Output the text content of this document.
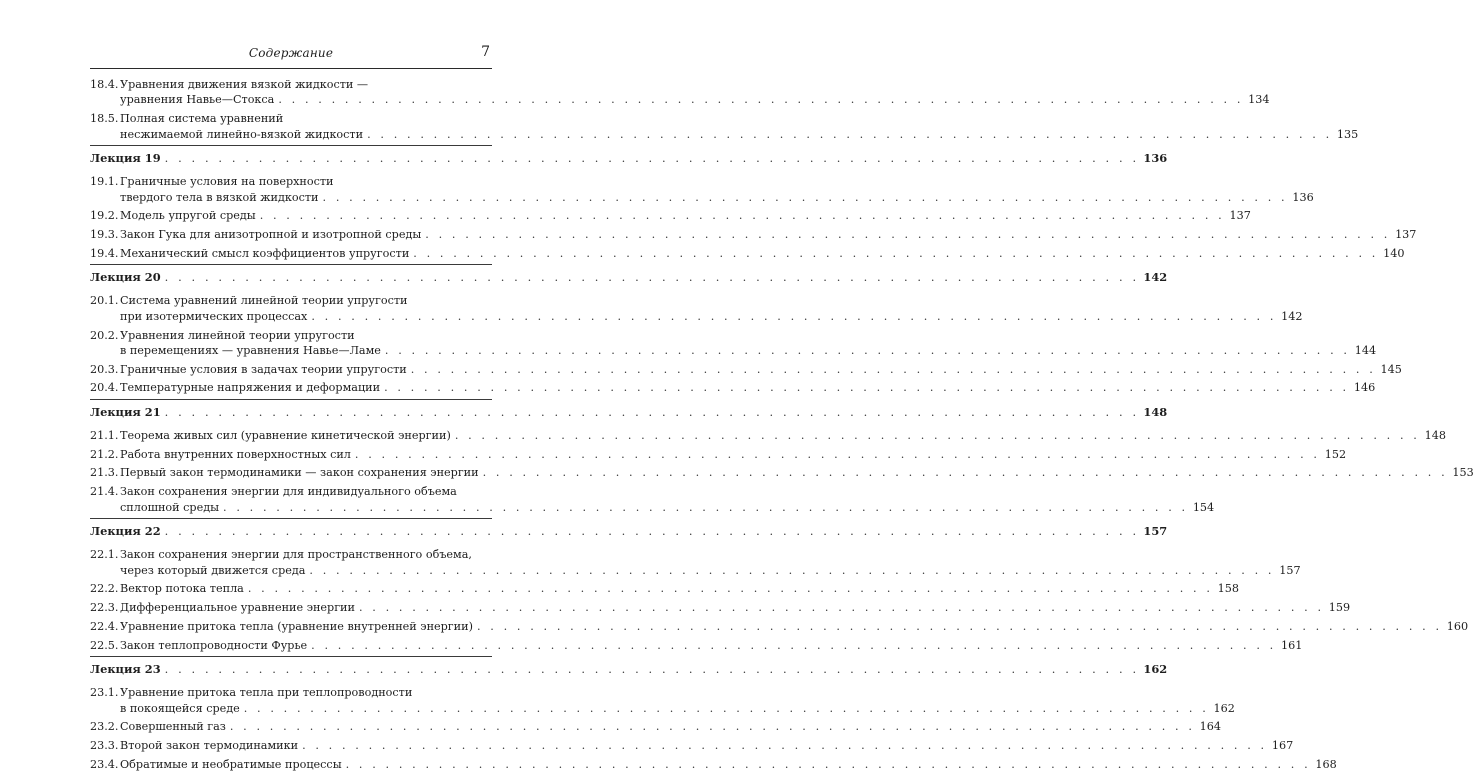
Содержание	7
18.4. Уравнения движения вязкой жидкости —
уравнения Навье—Стокса . . . . . . . . . . . . . . . . . . . . . . . . . . . . . . . . . . . . . . . . . . . . . . . . . . . . . . . . . . . . . . . . . . . . . . . . . 134
18.5. Полная система уравнений
несжимаемой линейно-вязкой жидкости . . . . . . . . . . . . . . . . . . . . . . . . . . . . . . . . . . . . . . . . . . . . . . . . . . . . . . . . . . . . . . . . . . . . . . . . . 135
Лекция 19 . . . . . . . . . . . . . . . . . . . . . . . . . . . . . . . . . . . . . . . . . . . . . . . . . . . . . . . . . . . . . . . . . . . . . . . . . 136
19.1. Граничные условия на поверхности
твердого тела в вязкой жидкости . . . . . . . . . . . . . . . . . . . . . . . . . . . . . . . . . . . . . . . . . . . . . . . . . . . . . . . . . . . . . . . . . . . . . . . . . 136
19.2. Модель упругой среды . . . . . . . . . . . . . . . . . . . . . . . . . . . . . . . . . . . . . . . . . . . . . . . . . . . . . . . . . . . . . . . . . . . . . . . . . 137
19.3. Закон Гука для анизотропной и изотропной среды . . . . . . . . . . . . . . . . . . . . . . . . . . . . . . . . . . . . . . . . . . . . . . . . . . . . . . . . . . . . . . . . . . . . . . . . . 137
19.4. Механический смысл коэффициентов упругости . . . . . . . . . . . . . . . . . . . . . . . . . . . . . . . . . . . . . . . . . . . . . . . . . . . . . . . . . . . . . . . . . . . . . . . . . 140
Лекция 20 . . . . . . . . . . . . . . . . . . . . . . . . . . . . . . . . . . . . . . . . . . . . . . . . . . . . . . . . . . . . . . . . . . . . . . . . . 142
20.1. Система уравнений линейной теории упругости
при изотермических процессах . . . . . . . . . . . . . . . . . . . . . . . . . . . . . . . . . . . . . . . . . . . . . . . . . . . . . . . . . . . . . . . . . . . . . . . . . 142
20.2. Уравнения линейной теории упругости
в перемещениях — уравнения Навье—Ламе . . . . . . . . . . . . . . . . . . . . . . . . . . . . . . . . . . . . . . . . . . . . . . . . . . . . . . . . . . . . . . . . . . . . . . . . . 144
20.3. Граничные условия в задачах теории упругости . . . . . . . . . . . . . . . . . . . . . . . . . . . . . . . . . . . . . . . . . . . . . . . . . . . . . . . . . . . . . . . . . . . . . . . . . 145
20.4. Температурные напряжения и деформации . . . . . . . . . . . . . . . . . . . . . . . . . . . . . . . . . . . . . . . . . . . . . . . . . . . . . . . . . . . . . . . . . . . . . . . . . 146
Лекция 21 . . . . . . . . . . . . . . . . . . . . . . . . . . . . . . . . . . . . . . . . . . . . . . . . . . . . . . . . . . . . . . . . . . . . . . . . . 148
21.1. Теорема живых сил (уравнение кинетической энергии) . . . . . . . . . . . . . . . . . . . . . . . . . . . . . . . . . . . . . . . . . . . . . . . . . . . . . . . . . . . . . . . . . . . . . . . . . 148
21.2. Работа внутренних поверхностных сил . . . . . . . . . . . . . . . . . . . . . . . . . . . . . . . . . . . . . . . . . . . . . . . . . . . . . . . . . . . . . . . . . . . . . . . . . 152
21.3. Первый закон термодинамики — закон сохранения энергии . . . . . . . . . . . . . . . . . . . . . . . . . . . . . . . . . . . . . . . . . . . . . . . . . . . . . . . . . . . . . . . . . . . . . . . . . 153
21.4. Закон сохранения энергии для индивидуального объема
сплошной среды . . . . . . . . . . . . . . . . . . . . . . . . . . . . . . . . . . . . . . . . . . . . . . . . . . . . . . . . . . . . . . . . . . . . . . . . . 154
Лекция 22 . . . . . . . . . . . . . . . . . . . . . . . . . . . . . . . . . . . . . . . . . . . . . . . . . . . . . . . . . . . . . . . . . . . . . . . . . 157
22.1. Закон сохранения энергии для пространственного объема,
через который движется среда . . . . . . . . . . . . . . . . . . . . . . . . . . . . . . . . . . . . . . . . . . . . . . . . . . . . . . . . . . . . . . . . . . . . . . . . . 157
22.2. Вектор потока тепла . . . . . . . . . . . . . . . . . . . . . . . . . . . . . . . . . . . . . . . . . . . . . . . . . . . . . . . . . . . . . . . . . . . . . . . . . 158
22.3. Дифференциальное уравнение энергии . . . . . . . . . . . . . . . . . . . . . . . . . . . . . . . . . . . . . . . . . . . . . . . . . . . . . . . . . . . . . . . . . . . . . . . . . 159
22.4. Уравнение притока тепла (уравнение внутренней энергии) . . . . . . . . . . . . . . . . . . . . . . . . . . . . . . . . . . . . . . . . . . . . . . . . . . . . . . . . . . . . . . . . . . . . . . . . . 160
22.5. Закон теплопроводности Фурье . . . . . . . . . . . . . . . . . . . . . . . . . . . . . . . . . . . . . . . . . . . . . . . . . . . . . . . . . . . . . . . . . . . . . . . . . 161
Лекция 23 . . . . . . . . . . . . . . . . . . . . . . . . . . . . . . . . . . . . . . . . . . . . . . . . . . . . . . . . . . . . . . . . . . . . . . . . . 162
23.1. Уравнение притока тепла при теплопроводности
в покоящейся среде . . . . . . . . . . . . . . . . . . . . . . . . . . . . . . . . . . . . . . . . . . . . . . . . . . . . . . . . . . . . . . . . . . . . . . . . . 162
23.2. Совершенный газ . . . . . . . . . . . . . . . . . . . . . . . . . . . . . . . . . . . . . . . . . . . . . . . . . . . . . . . . . . . . . . . . . . . . . . . . . 164
23.3. Второй закон термодинамики . . . . . . . . . . . . . . . . . . . . . . . . . . . . . . . . . . . . . . . . . . . . . . . . . . . . . . . . . . . . . . . . . . . . . . . . . 167
23.4. Обратимые и необратимые процессы . . . . . . . . . . . . . . . . . . . . . . . . . . . . . . . . . . . . . . . . . . . . . . . . . . . . . . . . . . . . . . . . . . . . . . . . . 168
